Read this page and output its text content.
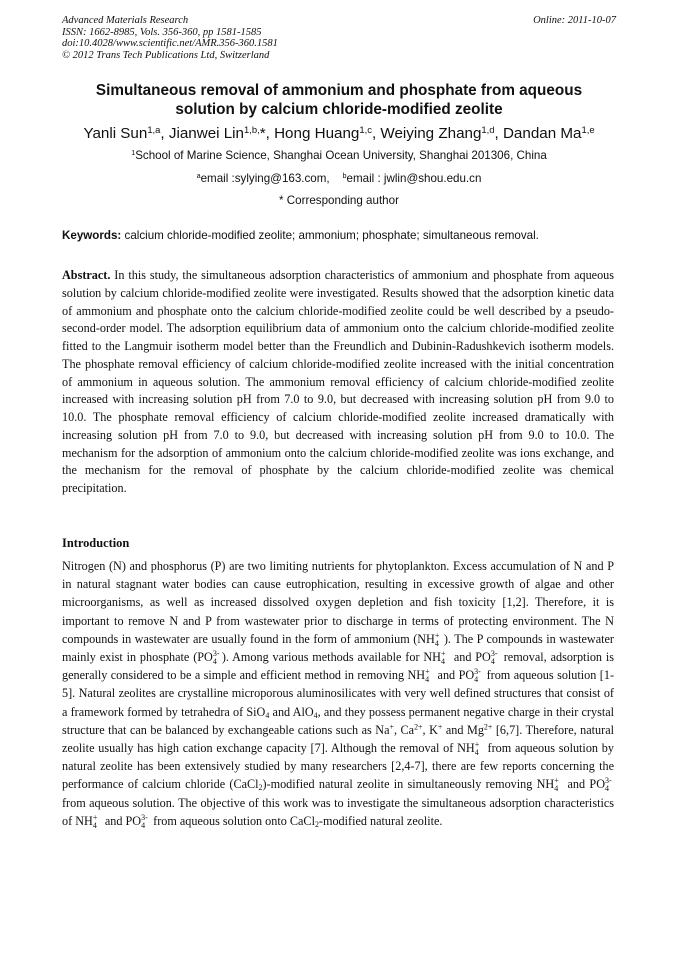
Advanced Materials Research
ISSN: 1662-8985, Vols. 356-360, pp 1581-1585
doi:10.4028/www.scientific.net/AMR.356-360.1581
© 2012 Trans Tech Publications Ltd, Switzerland
Online: 2011-10-07
Simultaneous removal of ammonium and phosphate from aqueous
solution by calcium chloride-modified zeolite
Yanli Sun$^{1,a}$, Jianwei Lin$^{1,b,}$*, Hong Huang$^{1,c}$, Weiying Zhang$^{1,d}$, Dandan Ma$^{1,e}$
$^1$School of Marine Science, Shanghai Ocean University, Shanghai 201306, China
$^a$email :sylying@163.com, $^b$email : jwlin@shou.edu.cn
* Corresponding author
Keywords: calcium chloride-modified zeolite; ammonium; phosphate; simultaneous removal.
Abstract. In this study, the simultaneous adsorption characteristics of ammonium and phosphate from aqueous solution by calcium chloride-modified zeolite were investigated. Results showed that the adsorption kinetic data of ammonium and phosphate onto the calcium chloride-modified zeolite could be well described by a pseudo-second-order model. The adsorption equilibrium data of ammonium onto the calcium chloride-modified zeolite fitted to the Langmuir isotherm model better than the Freundlich and Dubinin-Radushkevich isotherm models. The phosphate removal efficiency of calcium chloride-modified zeolite increased with the initial concentration of ammonium in aqueous solution. The ammonium removal efficiency of calcium chloride-modified zeolite increased with increasing solution pH from 7.0 to 9.0, but decreased with increasing solution pH from 9.0 to 10.0. The phosphate removal efficiency of calcium chloride-modified zeolite increased dramatically with increasing solution pH from 7.0 to 9.0, but decreased with increasing solution pH from 9.0 to 10.0. The mechanism for the adsorption of ammonium onto the calcium chloride-modified zeolite was ions exchange, and the mechanism for the removal of phosphate by the calcium chloride-modified zeolite was chemical precipitation.
Introduction
Nitrogen (N) and phosphorus (P) are two limiting nutrients for phytoplankton. Excess accumulation of N and P in natural stagnant water bodies can cause eutrophication, resulting in excessive growth of algae and other microorganisms, as well as increased dissolved oxygen depletion and fish toxicity [1,2]. Therefore, it is important to remove N and P from wastewater prior to discharge in terms of protecting environment. The N compounds in wastewater are usually found in the form of ammonium (NH +
4 ). The P compounds in wastewater mainly exist in phosphate (PO 3-
4 ). Among various methods available for NH +
4 and PO 3-
4 removal, adsorption is generally considered to be a simple and efficient method in removing NH +
4 and PO 3-
4 from aqueous solution [1-5]. Natural zeolites are crystalline microporous aluminosilicates with very well defined structures that consist of a framework formed by tetrahedra of SiO$_4$ and AlO$_4$, and they possess permanent negative charge in their crystal structure that can be balanced by exchangeable cations such as Na+, $Ca^{2+}$, K+ and $Mg^{2+}$ [6,7]. Therefore, natural zeolite usually has high cation exchange capacity [7]. Although the removal of NH +
4 from aqueous solution by natural zeolite has been extensively studied by many researchers [2,4-7], there are few reports concerning the performance of calcium chloride (CaCl$_2$)-modified natural zeolite in simultaneously removing NH +
4 and PO 3-
4
from aqueous solution. The objective of this work was to investigate the simultaneous adsorption characteristics of NH +
4 and PO 3-
4 from aqueous solution onto CaCl$_2$-modified natural zeolite.
